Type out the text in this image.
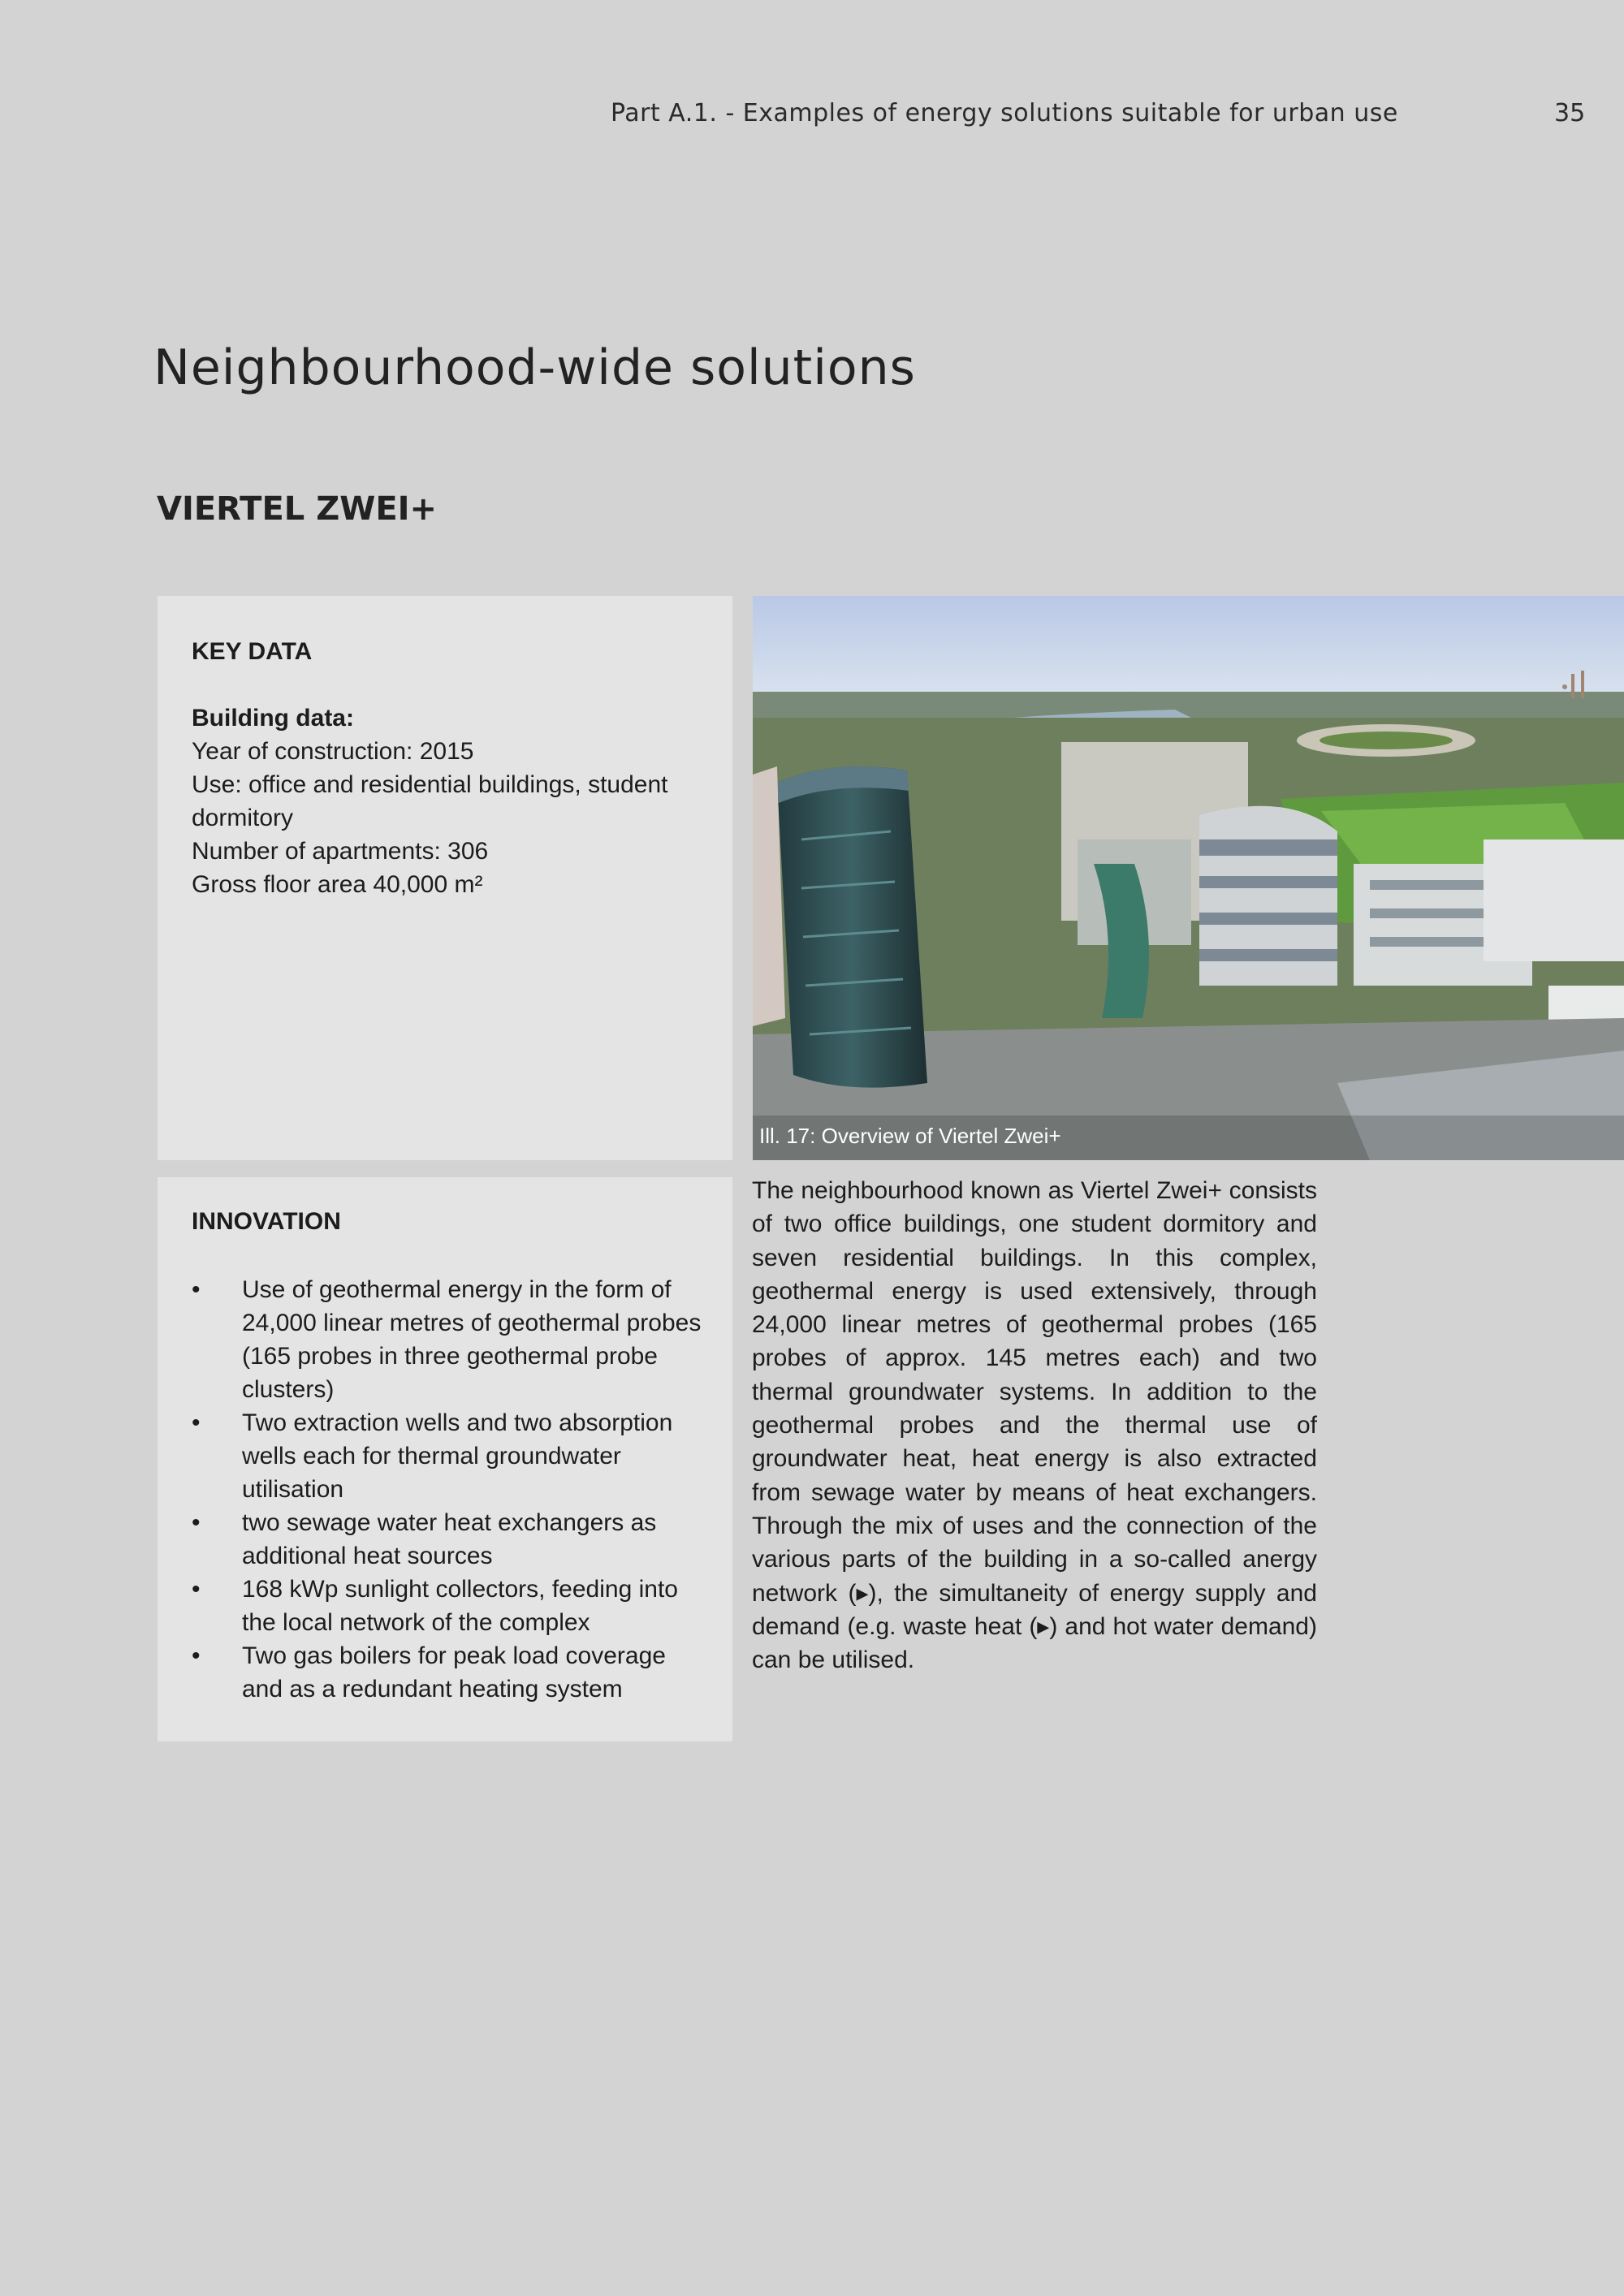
Part A.1. - Examples of energy solutions suitable for urban use	35
Neighbourhood-wide solutions
VIERTEL ZWEI+
KEY DATA
Building data:
Year of construction: 2015
Use: office and residential buildings, student dormitory
Number of apartments: 306
Gross floor area 40,000 m²
INNOVATION
• Use of geothermal energy in the form of 24,000 linear metres of geothermal probes (165 probes in three geothermal probe clusters)
• Two extraction wells and two absorption wells each for thermal groundwater utilisation
• two sewage water heat exchangers as additional heat sources
• 168 kWp sunlight collectors, feeding into the local network of the complex
• Two gas boilers for peak load coverage and as a redundant heating system
Ill. 17: Overview of Viertel Zwei+

The neighbourhood known as Viertel Zwei+ consists of two office buildings, one student dormitory and seven residential buildings. In this complex, geothermal energy is used extensively, through 24,000 linear metres of geothermal probes (165 probes of approx. 145 metres each) and two thermal groundwater systems. In addition to the geothermal probes and the thermal use of groundwater heat, heat energy is also extracted from sewage water by means of heat exchangers. Through the mix of uses and the connection of the various parts of the building in a so-called anergy network (▸), the simultaneity of energy supply and demand (e.g. waste heat (▸) and hot water demand) can be utilised.
